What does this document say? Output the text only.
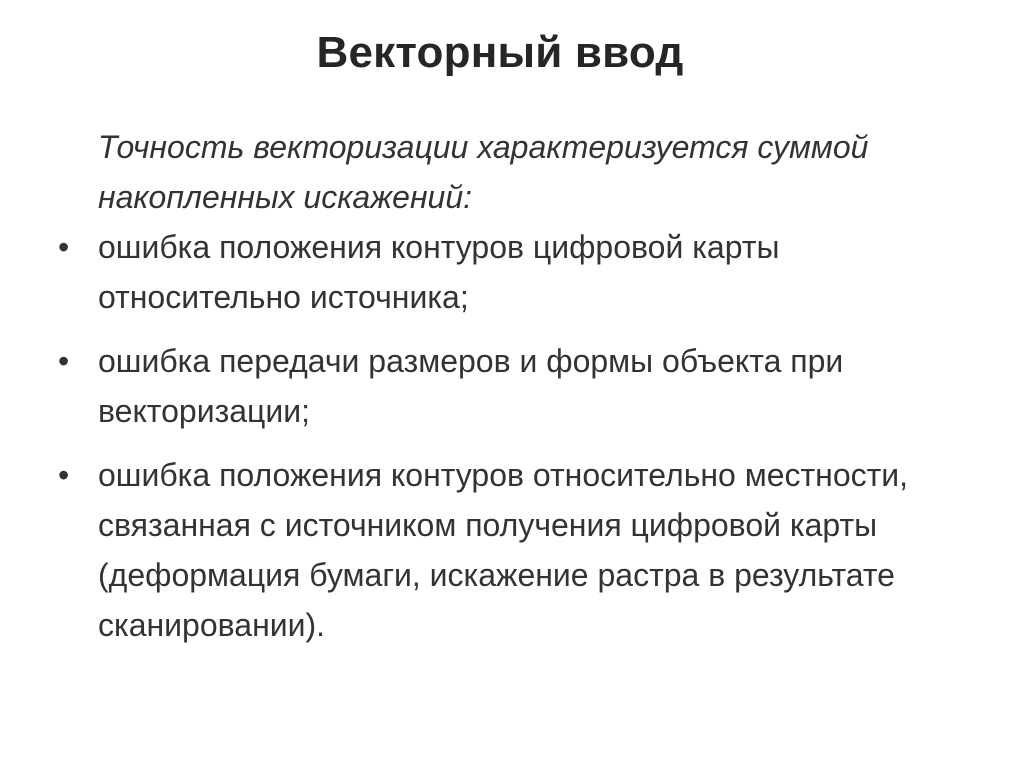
Векторный ввод

Точность векторизации характеризуется суммой накопленных искажений:

• ошибка положения контуров цифровой карты относительно источника;
• ошибка передачи размеров и формы объекта при векторизации;
• ошибка положения контуров относительно местности, связанная с источником получения цифровой карты (деформация бумаги, искажение растра в результате сканировании).
